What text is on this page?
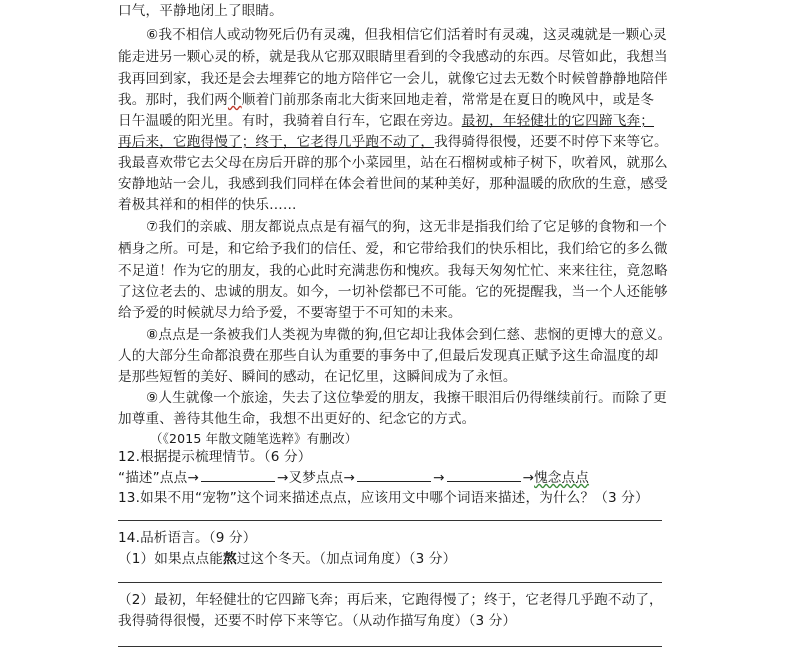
口气，平静地闭上了眼睛。
⑥我不相信人或动物死后仍有灵魂，但我相信它们活着时有灵魂，这灵魂就是一颗心灵
能走进另一颗心灵的桥，就是我从它那双眼睛里看到的令我感动的东西。尽管如此，我想当
我再回到家，我还是会去埋葬它的地方陪伴它一会儿，就像它过去无数个时候曾静静地陪伴
我。那时，我们两个顺着门前那条南北大街来回地走着，常常是在夏日的晚风中，或是冬
日午温暖的阳光里。有时，我骑着自行车，它跟在旁边。最初，年轻健壮的它四蹄飞奔；
再后来，它跑得慢了；终于，它老得几乎跑不动了，我得骑得很慢，还要不时停下来等它。
我最喜欢带它去父母在房后开辟的那个小菜园里，站在石榴树或柿子树下，吹着风，就那么
安静地站一会儿，我感到我们同样在体会着世间的某种美好，那种温暖的欣欣的生意，感受
着极其祥和的相伴的快乐……
⑦我们的亲戚、朋友都说点点是有福气的狗，这无非是指我们给了它足够的食物和一个
栖身之所。可是，和它给予我们的信任、爱，和它带给我们的快乐相比，我们给它的多么微
不足道！作为它的朋友，我的心此时充满悲伤和愧疚。我每天匆匆忙忙、来来往往，竟忽略
了这位老去的、忠诚的朋友。如今，一切补偿都已不可能。它的死提醒我，当一个人还能够
给予爱的时候就尽力给予爱，不要寄望于不可知的未来。
⑧点点是一条被我们人类视为卑微的狗,但它却让我体会到仁慈、悲悯的更博大的意义。
人的大部分生命都浪费在那些自认为重要的事务中了,但最后发现真正赋予这生命温度的却
是那些短暂的美好、瞬间的感动，在记忆里，这瞬间成为了永恒。
⑨人生就像一个旅途，失去了这位挚爱的朋友，我擦干眼泪后仍得继续前行。而除了更
加尊重、善待其他生命，我想不出更好的、纪念它的方式。
（《2015 年散文随笔选粹》有删改）
12.根据提示梳理情节。（6 分）
“描述”点点→	→叉梦点点→	→	→愧念点点
13.如果不用“宠物”这个词来描述点点，应该用文中哪个词语来描述，为什么？（3 分）
14.品析语言。（9 分）
（1）如果点点能熬过这个冬天。（加点词角度）（3 分）
（2）最初，年轻健壮的它四蹄飞奔；再后来，它跑得慢了；终于，它老得几乎跑不动了，
我得骑得很慢，还要不时停下来等它。（从动作描写角度）（3 分）
